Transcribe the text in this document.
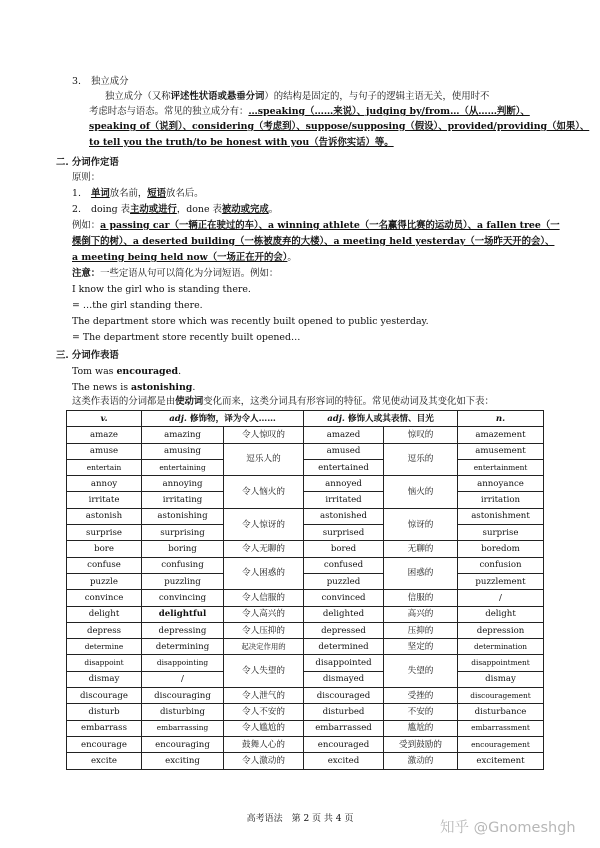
3. 独立成分
独立成分（又称评述性状语或悬垂分词）的结构是固定的，与句子的逻辑主语无关，使用时不
考虑时态与语态。常见的独立成分有：…speaking（……来说）、judging by/from…（从……判断）、
speaking of（说到）、considering（考虑到）、suppose/supposing（假设）、provided/providing（如果）、
to tell you the truth/to be honest with you（告诉你实话）等。
二. 分词作定语
原则：
1. 单词放名前，短语放名后。
2. doing 表主动或进行，done 表被动或完成。
例如：a passing car（一辆正在驶过的车）、a winning athlete（一名赢得比赛的运动员）、a fallen tree（一
棵倒下的树）、a deserted building（一栋被废弃的大楼）、a meeting held yesterday（一场昨天开的会）、
a meeting being held now（一场正在开的会）。
注意：一些定语从句可以简化为分词短语。例如：
I know the girl who is standing there.
= …the girl standing there.
The department store which was recently built opened to public yesterday.
= The department store recently built opened…
三. 分词作表语
Tom was encouraged.
The news is astonishing.
这类作表语的分词都是由使动词变化而来，这类分词具有形容词的特征。常见使动词及其变化如下表：
v.	adj. 修饰物，译为令人……		adj. 修饰人或其表情、目光		n.
amaze	amazing	令人惊叹的	amazed	惊叹的	amazement
amuse	amusing	逗乐人的	amused	逗乐的	amusement
entertain	entertaining		entertained		entertainment
annoy	annoying	令人恼火的	annoyed	恼火的	annoyance
irritate	irritating		irritated		irritation
astonish	astonishing	令人惊讶的	astonished	惊讶的	astonishment
surprise	surprising		surprised		surprise
bore	boring	令人无聊的	bored	无聊的	boredom
confuse	confusing	令人困惑的	confused	困惑的	confusion
puzzle	puzzling		puzzled		puzzlement
convince	convincing	令人信服的	convinced	信服的	/
delight	delightful	令人高兴的	delighted	高兴的	delight
depress	depressing	令人压抑的	depressed	压抑的	depression
determine	determining	起决定作用的	determined	坚定的	determination
disappoint	disappointing	令人失望的	disappointed	失望的	disappointment
dismay	/		dismayed		dismay
discourage	discouraging	令人泄气的	discouraged	受挫的	discouragement
disturb	disturbing	令人不安的	disturbed	不安的	disturbance
embarrass	embarrassing	令人尴尬的	embarrassed	尴尬的	embarrassment
encourage	encouraging	鼓舞人心的	encouraged	受到鼓励的	encouragement
excite	exciting	令人激动的	excited	激动的	excitement
高考语法　第 2 页 共 4 页
知乎 @Gnomeshgh
